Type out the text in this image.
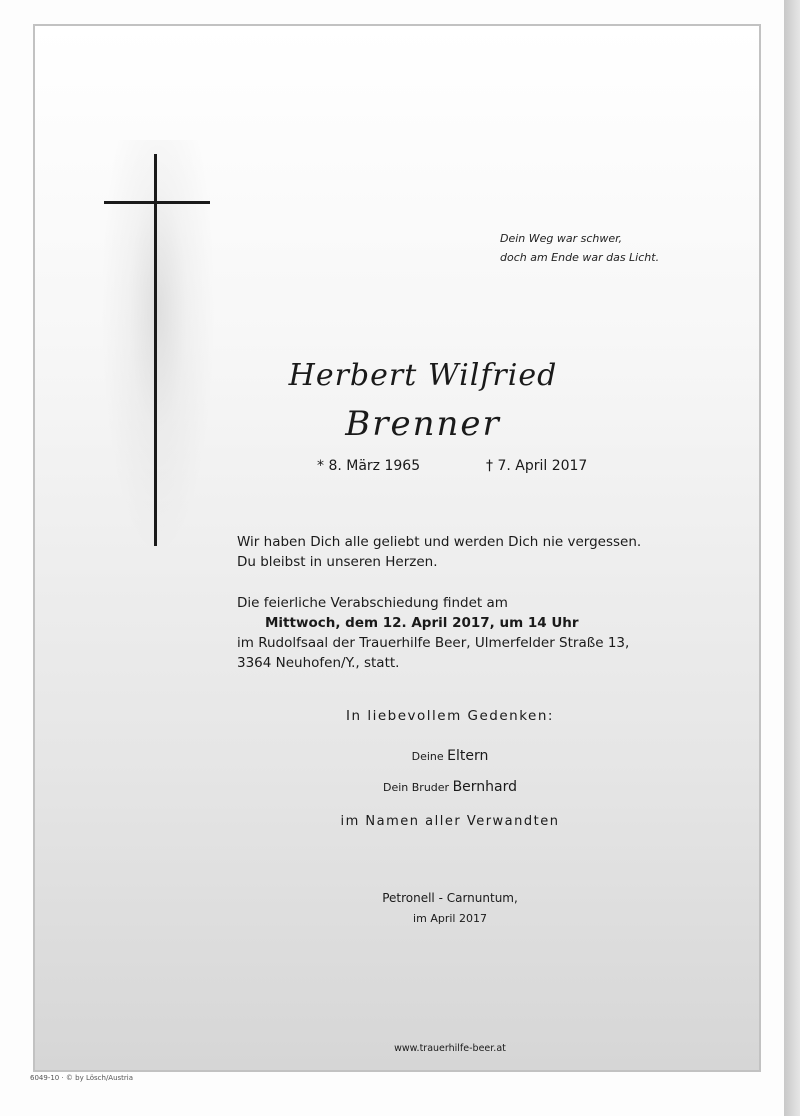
Dein Weg war schwer,
doch am Ende war das Licht.
Herbert Wilfried
Brenner
* 8. März 1965	† 7. April 2017
Wir haben Dich alle geliebt und werden Dich nie vergessen.
Du bleibst in unseren Herzen.
Die feierliche Verabschiedung findet am
Mittwoch, dem 12. April 2017, um 14 Uhr
im Rudolfsaal der Trauerhilfe Beer, Ulmerfelder Straße 13,
3364 Neuhofen/Y., statt.
In liebevollem Gedenken:
Deine Eltern
Dein Bruder Bernhard
im Namen aller Verwandten
Petronell - Carnuntum,
im April 2017
www.trauerhilfe-beer.at
6049-10 · © by Lösch/Austria
